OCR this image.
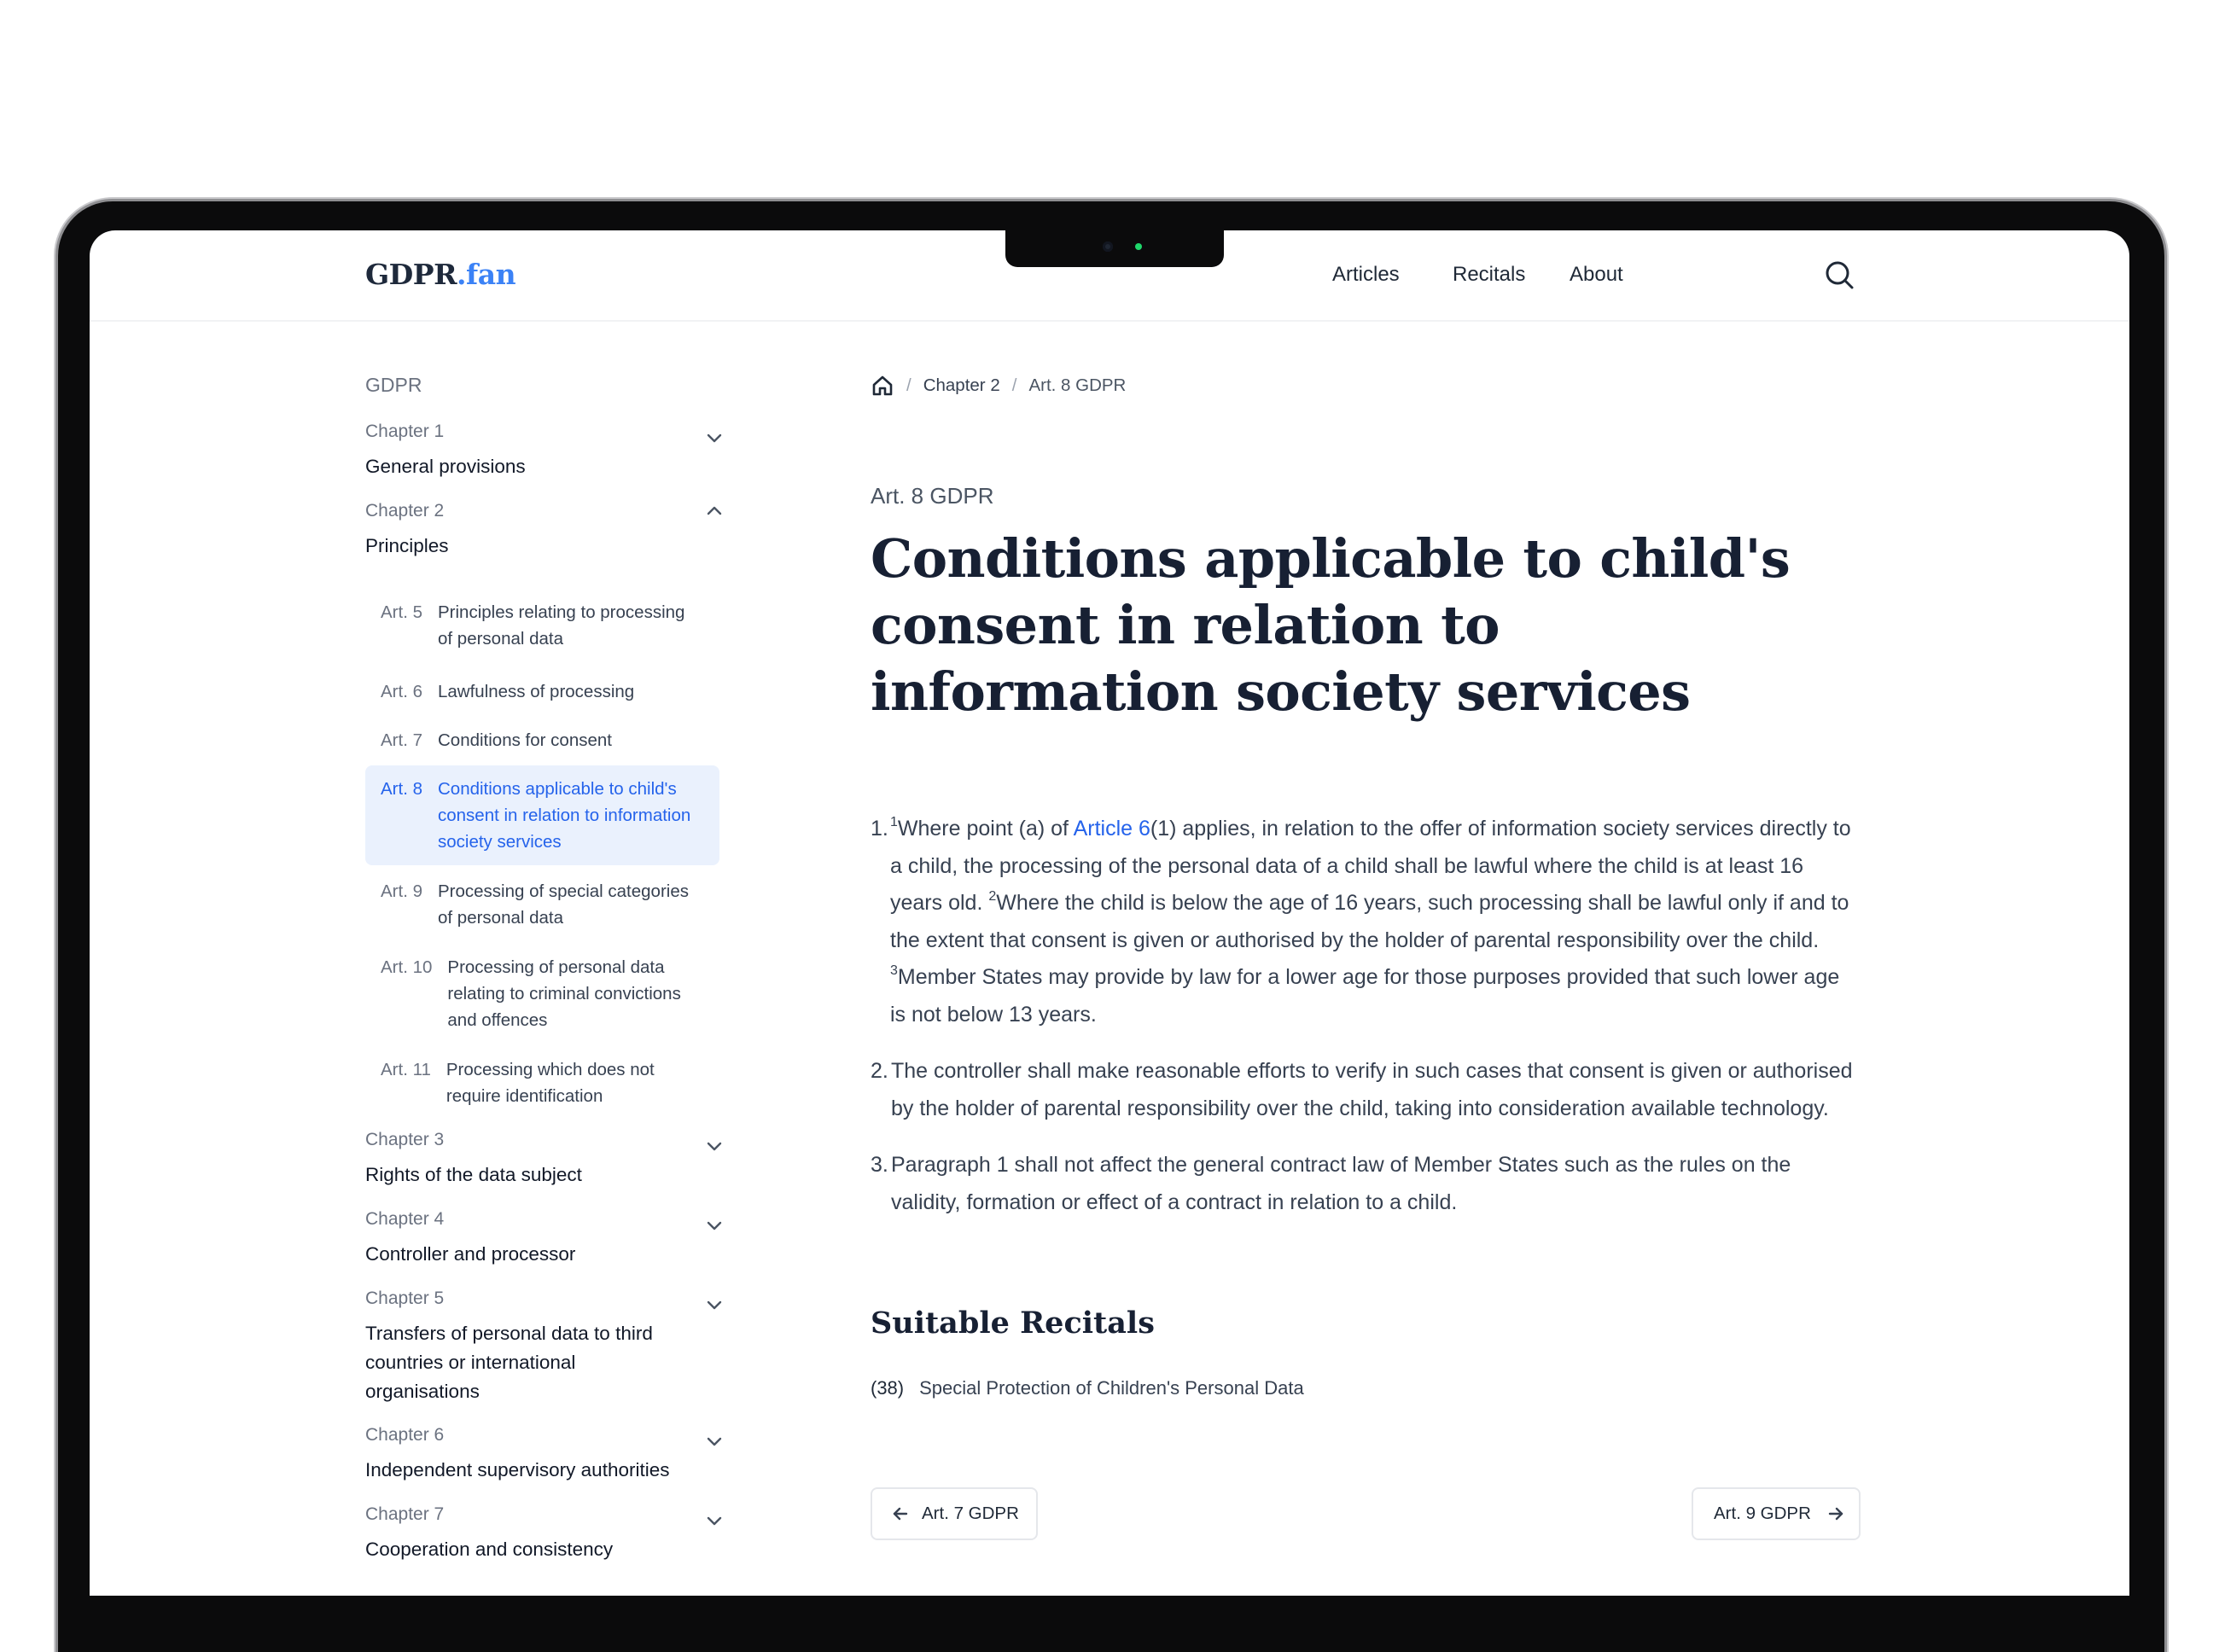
GDPR.fan	Articles	Recitals About
GDPR
Chapter 1
General provisions
Chapter 2
Principles
Art. 5 Principles relating to processing of personal data
Art. 6 Lawfulness of processing
Art. 7 Conditions for consent
Art. 8 Conditions applicable to child's consent in relation to information society services
Art. 9 Processing of special categories of personal data
Art. 10 Processing of personal data relating to criminal convictions and offences
Art. 11 Processing which does not require identification
Chapter 3
Rights of the data subject
Chapter 4
Controller and processor
Chapter 5
Transfers of personal data to third countries or international organisations
Chapter 6
Independent supervisory authorities
Chapter 7
Cooperation and consistency
/ Chapter 2 / Art. 8 GDPR
Art. 8 GDPR
Conditions applicable to child's consent in relation to information society services
1. $^1$Where point (a) of Article 6(1) applies, in relation to the offer of information society services directly to a child, the processing of the personal data of a child shall be lawful where the child is at least 16 years old. $^2$Where the child is below the age of 16 years, such processing shall be lawful only if and to the extent that consent is given or authorised by the holder of parental responsibility over the child. $^3$Member States may provide by law for a lower age for those purposes provided that such lower age is not below 13 years.
2. The controller shall make reasonable efforts to verify in such cases that consent is given or authorised by the holder of parental responsibility over the child, taking into consideration available technology.
3. Paragraph 1 shall not affect the general contract law of Member States such as the rules on the validity, formation or effect of a contract in relation to a child.
Suitable Recitals
(38) Special Protection of Children's Personal Data
Art. 7 GDPR	Art. 9 GDPR
